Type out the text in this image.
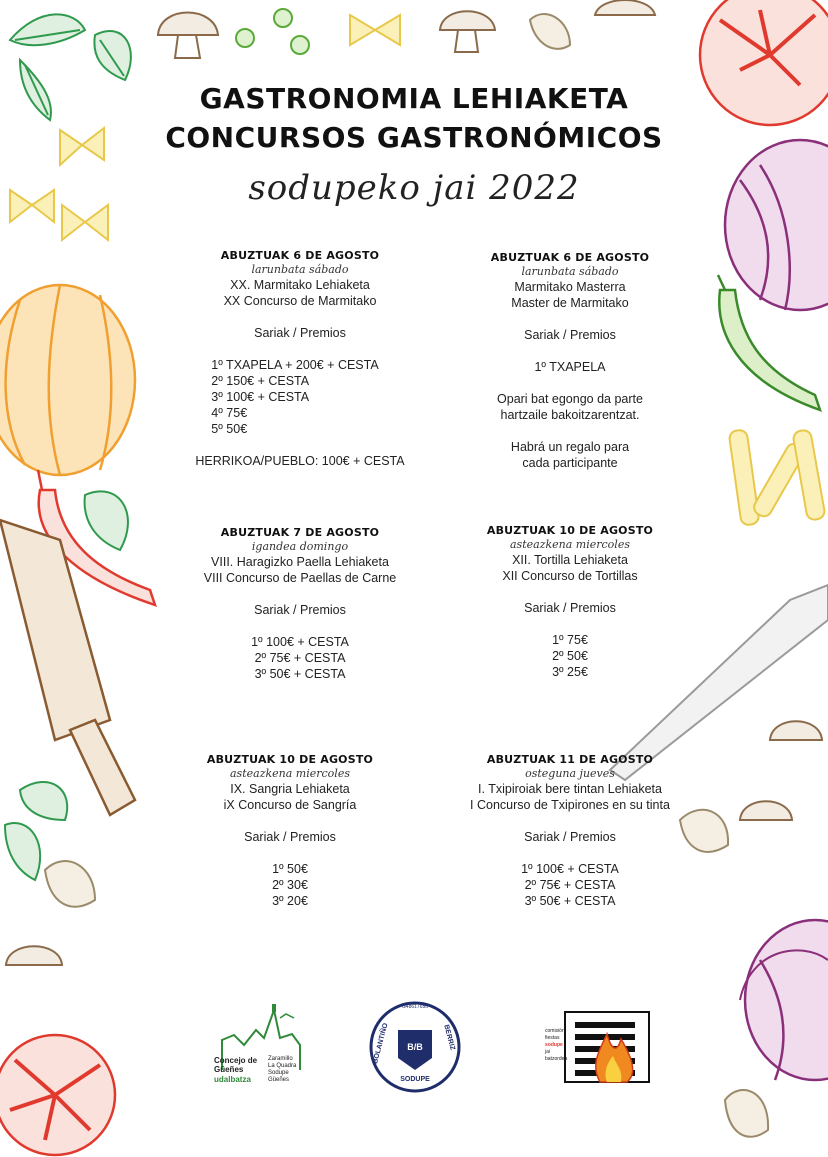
GASTRONOMIA LEHIAKETA
CONCURSOS GASTRONÓMICOS
sodupeko jai 2022
ABUZTUAK 6 DE AGOSTO
larunbata sábado
XX. Marmitako Lehiaketa
XX Concurso de Marmitako
Sariak / Premios
1º TXAPELA + 200€ + CESTA
2º 150€ + CESTA
3º 100€ + CESTA
4º 75€
5º 50€
HERRIKOA/PUEBLO: 100€ + CESTA
ABUZTUAK 6 DE AGOSTO
larunbata sábado
Marmitako Masterra
Master de Marmitako
Sariak / Premios
1º TXAPELA
Opari bat egongo da parte
hartzaile bakoitzarentzat.
Habrá un regalo para
cada participante
ABUZTUAK 7 DE AGOSTO
igandea domingo
VIII. Haragizko Paella Lehiaketa
VIII Concurso de Paellas de Carne
Sariak / Premios
1º 100€ + CESTA
2º 75€ + CESTA
3º 50€ + CESTA
ABUZTUAK 10 DE AGOSTO
asteazkena miercoles
XII. Tortilla Lehiaketa
XII Concurso de Tortillas
Sariak / Premios
1º 75€
2º 50€
3º 25€
ABUZTUAK 10 DE AGOSTO
asteazkena miercoles
IX. Sangria Lehiaketa
iX Concurso de Sangría
Sariak / Premios
1º 50€
2º 30€
3º 20€
ABUZTUAK 11 DE AGOSTO
osteguna jueves
I. Txipiroiak bere tintan Lehiaketa
I Concurso de Txipirones en su tinta
Sariak / Premios
1º 100€ + CESTA
2º 75€ + CESTA
3º 50€ + CESTA
Concejo de
Güeñes
udalbatza
Zaramillo
La Quadra
Sodupe
Güeñes
G48617656
B/B
BOLANTIÑO	BERRIZ
SODUPE
comisión
fiestas
sodupe
jai
batzordea
